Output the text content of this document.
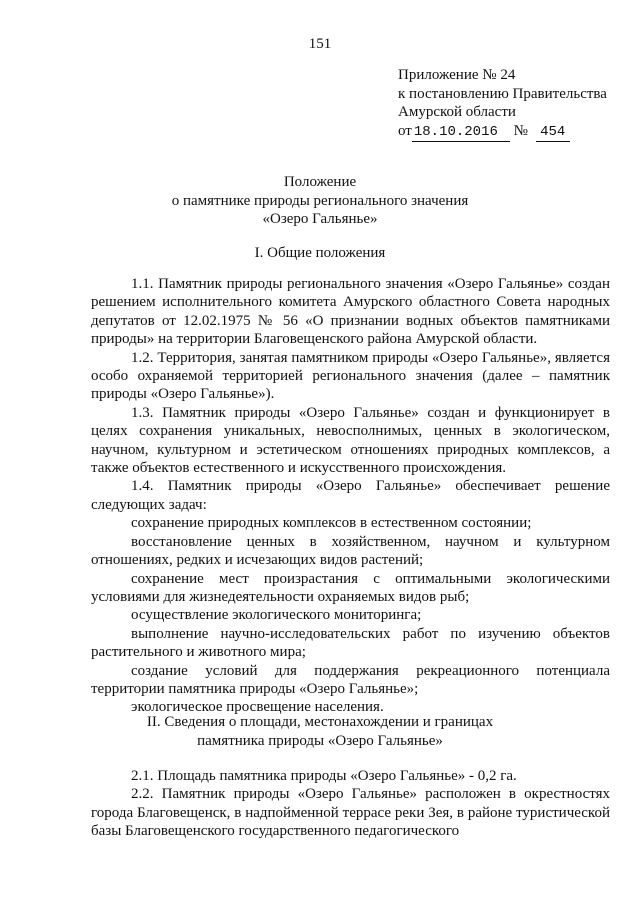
151
Приложение № 24
к постановлению Правительства
Амурской области
от 18.10.2016 № 454
Положение
о памятнике природы регионального значения
«Озеро Гальянье»
I. Общие положения

1.1. Памятник природы регионального значения «Озеро Гальянье» создан решением исполнительного комитета Амурского областного Совета народных депутатов от 12.02.1975 № 56 «О признании водных объектов памятниками природы» на территории Благовещенского района Амурской области.

1.2. Территория, занятая памятником природы «Озеро Гальянье», является особо охраняемой территорией регионального значения (далее – памятник природы «Озеро Гальянье»).

1.3. Памятник природы «Озеро Гальянье» создан и функционирует в целях сохранения уникальных, невосполнимых, ценных в экологическом, научном, культурном и эстетическом отношениях природных комплексов, а также объектов естественного и искусственного происхождения.

1.4. Памятник природы «Озеро Гальянье» обеспечивает решение следующих задач:

сохранение природных комплексов в естественном состоянии;

восстановление ценных в хозяйственном, научном и культурном отношениях, редких и исчезающих видов растений;

сохранение мест произрастания с оптимальными экологическими условиями для жизнедеятельности охраняемых видов рыб;

осуществление экологического мониторинга;

выполнение научно-исследовательских работ по изучению объектов растительного и животного мира;

создание условий для поддержания рекреационного потенциала территории памятника природы «Озеро Гальянье»;

экологическое просвещение населения.

II. Сведения о площади, местонахождении и границах
памятника природы «Озеро Гальянье»

2.1. Площадь памятника природы «Озеро Гальянье» - 0,2 га.

2.2. Памятник природы «Озеро Гальянье» расположен в окрестностях города Благовещенск, в надпойменной террасе реки Зея, в районе туристической базы Благовещенского государственного педагогического
